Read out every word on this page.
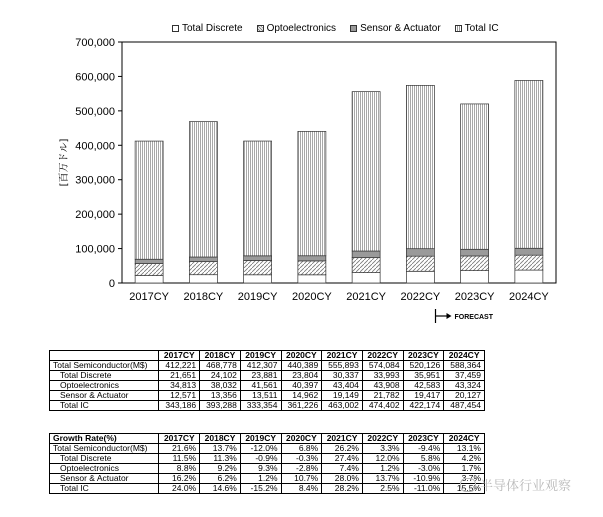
0
100,000
200,000
300,000
400,000
500,000
600,000
700,000
[百万ドル]
2017CY 2018CY 2019CY 2020CY 2021CY 2022CY 2023CY 2024CY
FORECAST
Total Discrete Optoelectronics Sensor & Actuator Total IC
	2017CY	2018CY	2019CY	2020CY	2021CY	2022CY	2023CY	2024CY
Total Semiconductor(M$)	412,221	468,778	412,307	440,389	555,893	574,084	520,126	588,364
Total Discrete	21,651	24,102	23,881	23,804	30,337	33,993	35,951	37,459
Optoelectronics	34,813	38,032	41,561	40,397	43,404	43,908	42,583	43,324
Sensor & Actuator	12,571	13,356	13,511	14,962	19,149	21,782	19,417	20,127
Total IC	343,186	393,288	333,354	361,226	463,002	474,402	422,174	487,454
Growth Rate(%)	2017CY	2018CY	2019CY	2020CY	2021CY	2022CY	2023CY	2024CY
Total Semiconductor(M$)	21.6%	13.7%	-12.0%	6.8%	26.2%	3.3%	-9.4%	13.1%
Total Discrete	11.5%	11.3%	-0.9%	-0.3%	27.4%	12.0%	5.8%	4.2%
Optoelectronics	8.8%	9.2%	9.3%	-2.8%	7.4%	1.2%	-3.0%	1.7%
Sensor & Actuator	16.2%	6.2%	1.2%	10.7%	28.0%	13.7%	-10.9%	3.7%
Total IC	24.0%	14.6%	-15.2%	8.4%	28.2%	2.5%	-11.0%	15.5% 半导体行业观察
